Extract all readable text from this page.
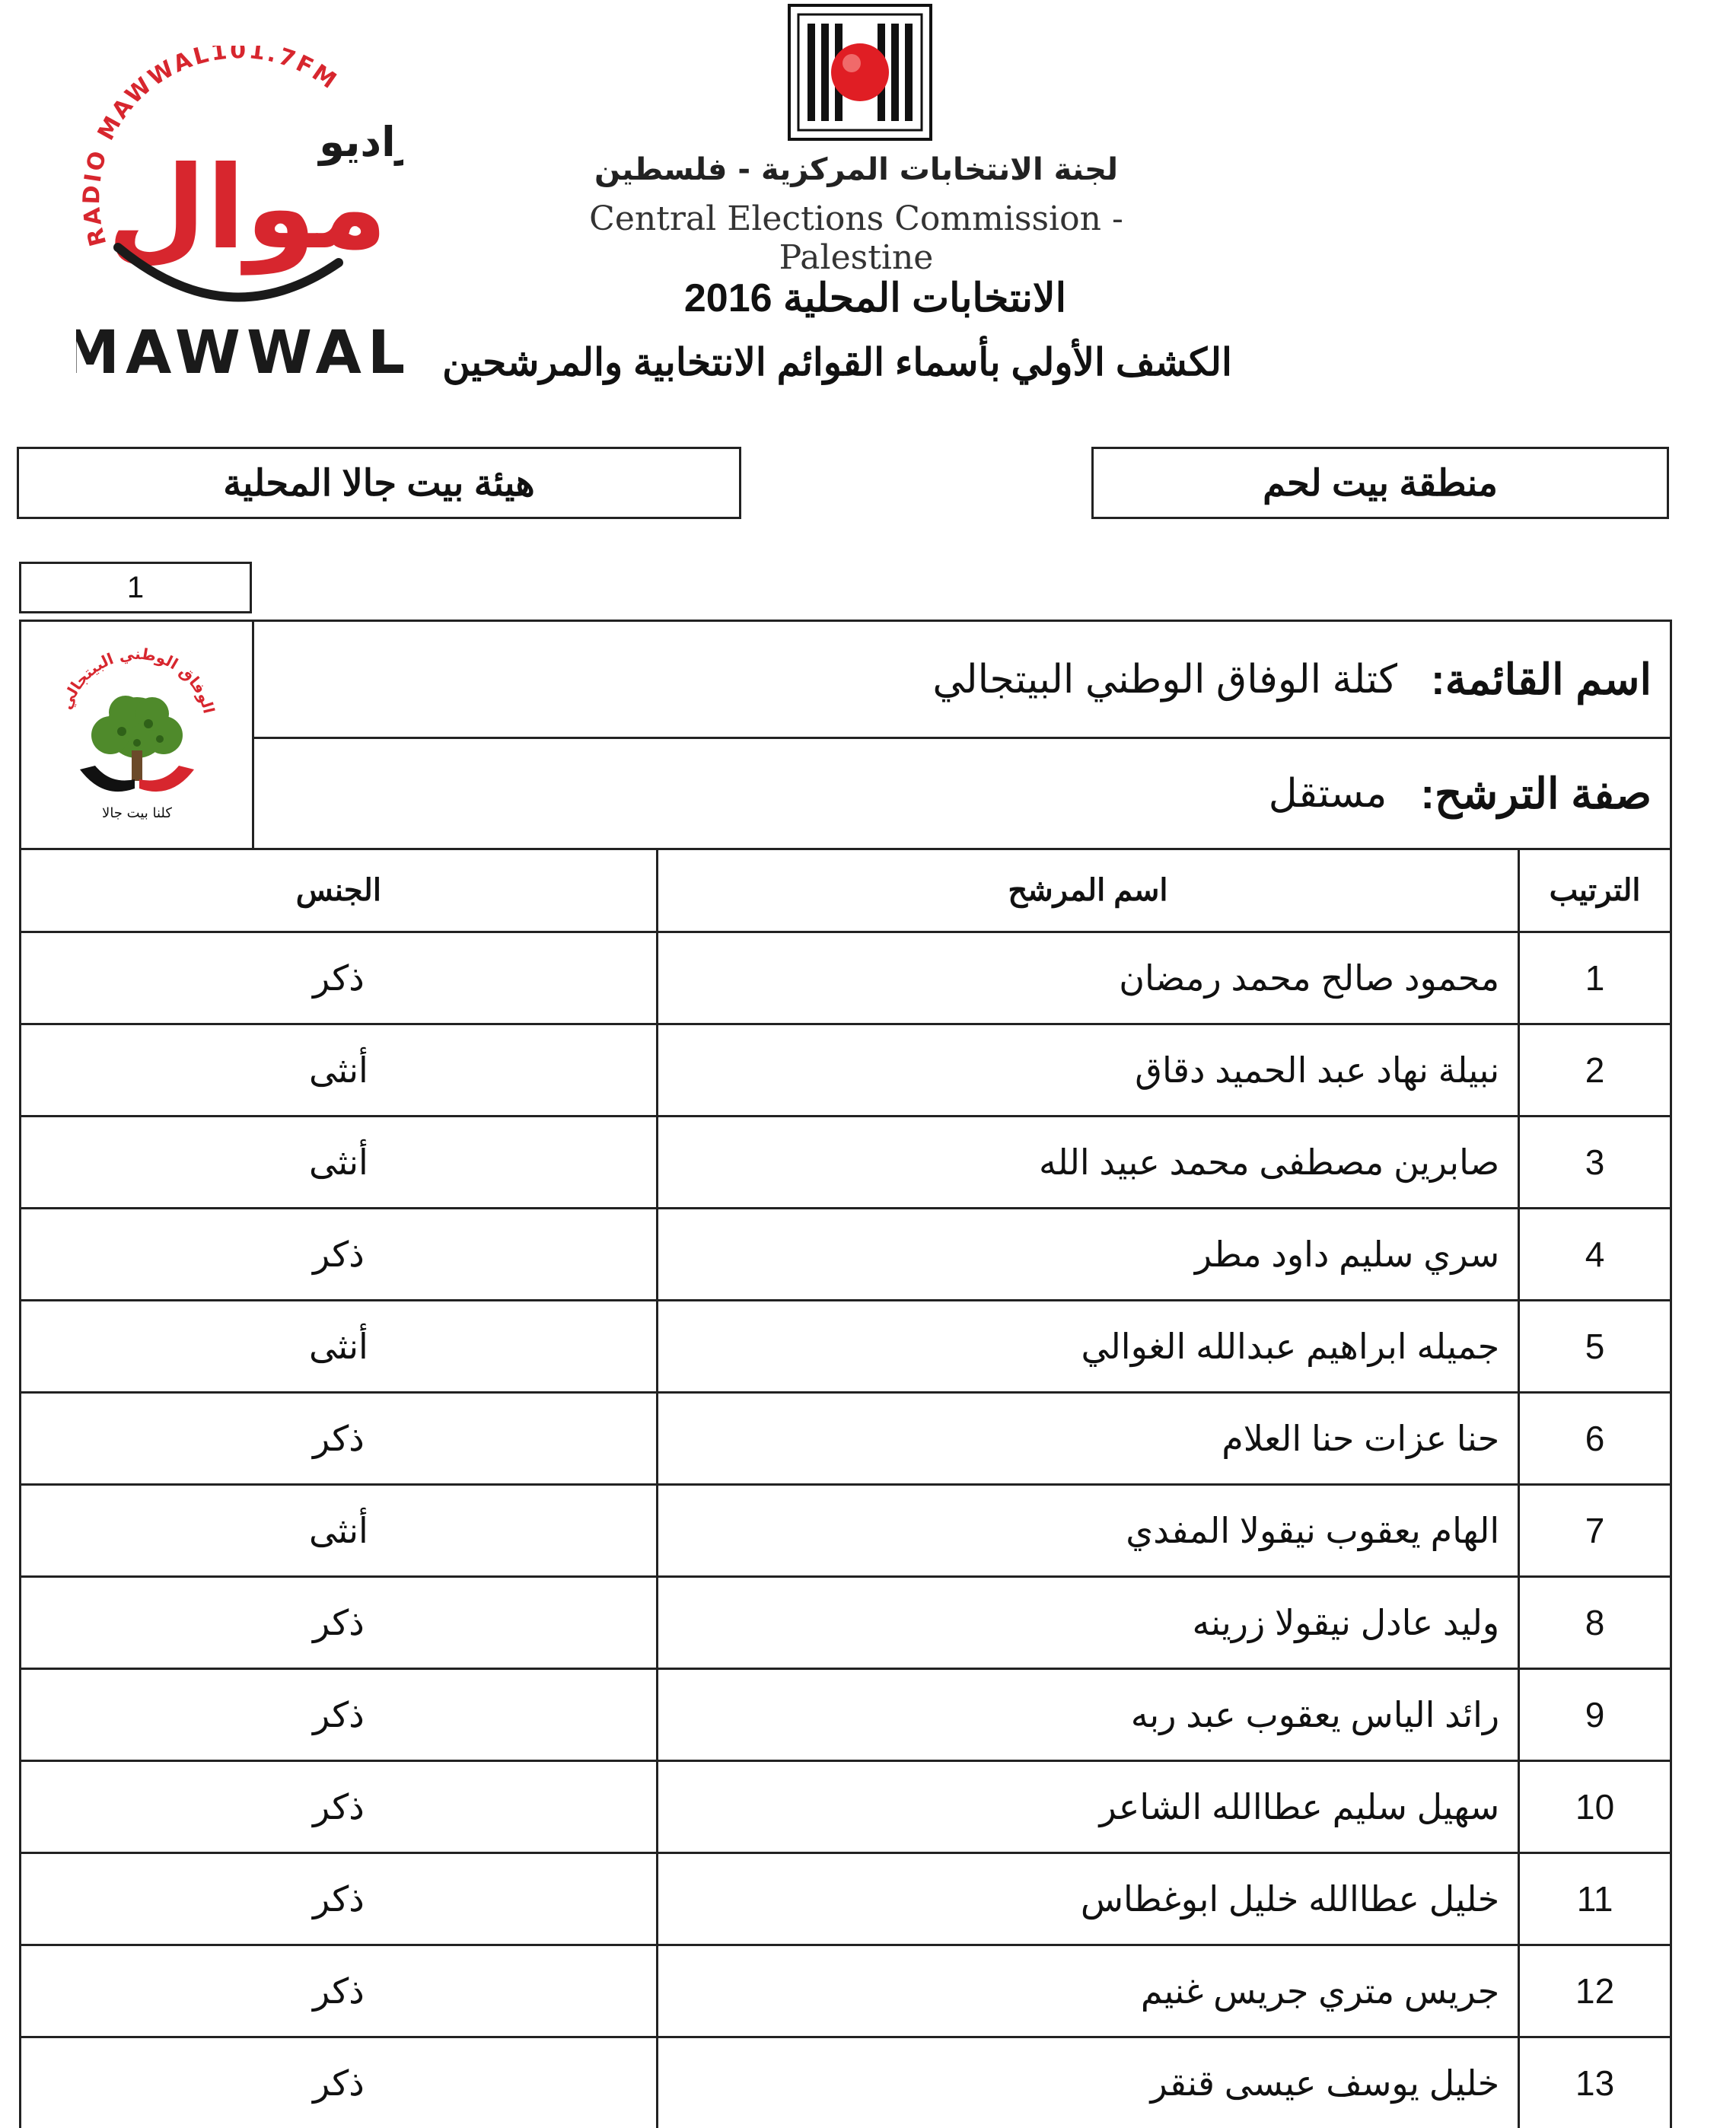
RADIO MAWWAL101.7FM
اديو
موال
MAWWAL
لجنة الانتخابات المركزية - فلسطين
Central Elections Commission - Palestine
الانتخابات المحلية 2016
الكشف الأولي بأسماء القوائم الانتخابية والمرشحين
هيئة بيت جالا المحلية	منطقة بيت لحم
1
الوفاق الوطني البيتجالي
كلنا بيت جالا
اسم القائمة:
كتلة الوفاق الوطني البيتجالي
صفة الترشح:
مستقل
الترتيب	اسم المرشح	الجنس
1	محمود صالح محمد رمضان	ذكر
2	نبيلة نهاد عبد الحميد دقاق	أنثى
3	صابرين مصطفى محمد عبيد الله	أنثى
4	سري سليم داود مطر	ذكر
5	جميله ابراهيم عبدالله الغوالي	أنثى
6	حنا عزات حنا العلام	ذكر
7	الهام يعقوب نيقولا المفدي	أنثى
8	وليد عادل نيقولا زرينه	ذكر
9	رائد الياس يعقوب عبد ربه	ذكر
10	سهيل سليم عطاالله الشاعر	ذكر
11	خليل عطاالله خليل ابوغطاس	ذكر
12	جريس متري جريس غنيم	ذكر
13	خليل يوسف عيسى قنقر	ذكر
